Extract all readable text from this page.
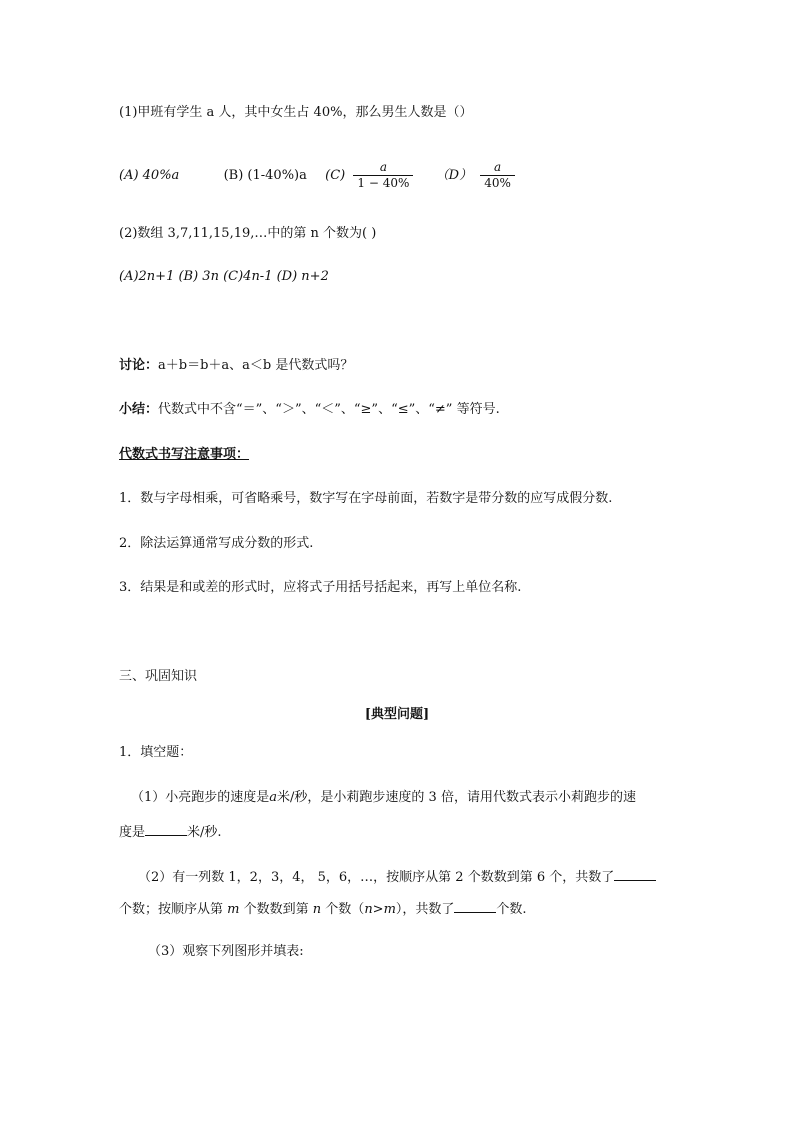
(1)甲班有学生 a 人，其中女生占 40%，那么男生人数是（）
(A) 40%a	(B) (1-40%)a $(C) \frac{a}{1 - 40\%} (D) \frac{a}{40\%}$
(2)数组 3,7,11,15,19,…中的第 n 个数为( )
(A)2n+1 (B) 3n (C)4n-1 (D) n+2
讨论：a＋b＝b＋a、a＜b 是代数式吗？
小结：代数式中不含“＝”、“＞”、“＜”、“≥”、“≤”、“≠” 等符号.
代数式书写注意事项：
1．数与字母相乘，可省略乘号，数字写在字母前面，若数字是带分数的应写成假分数.
2．除法运算通常写成分数的形式.
3．结果是和或差的形式时，应将式子用括号括起来，再写上单位名称.
三、巩固知识
[典型问题]
1．填空题：
（1）小亮跑步的速度是a米/秒，是小莉跑步速度的 3 倍，请用代数式表示小莉跑步的速
度是	米/秒.
（2）有一列数 1，2，3，4， 5，6，…，按顺序从第 2 个数数到第 6 个，共数了
个数；按顺序从第 m 个数数到第 n 个数（n>m），共数了	个数.
（3）观察下列图形并填表:
